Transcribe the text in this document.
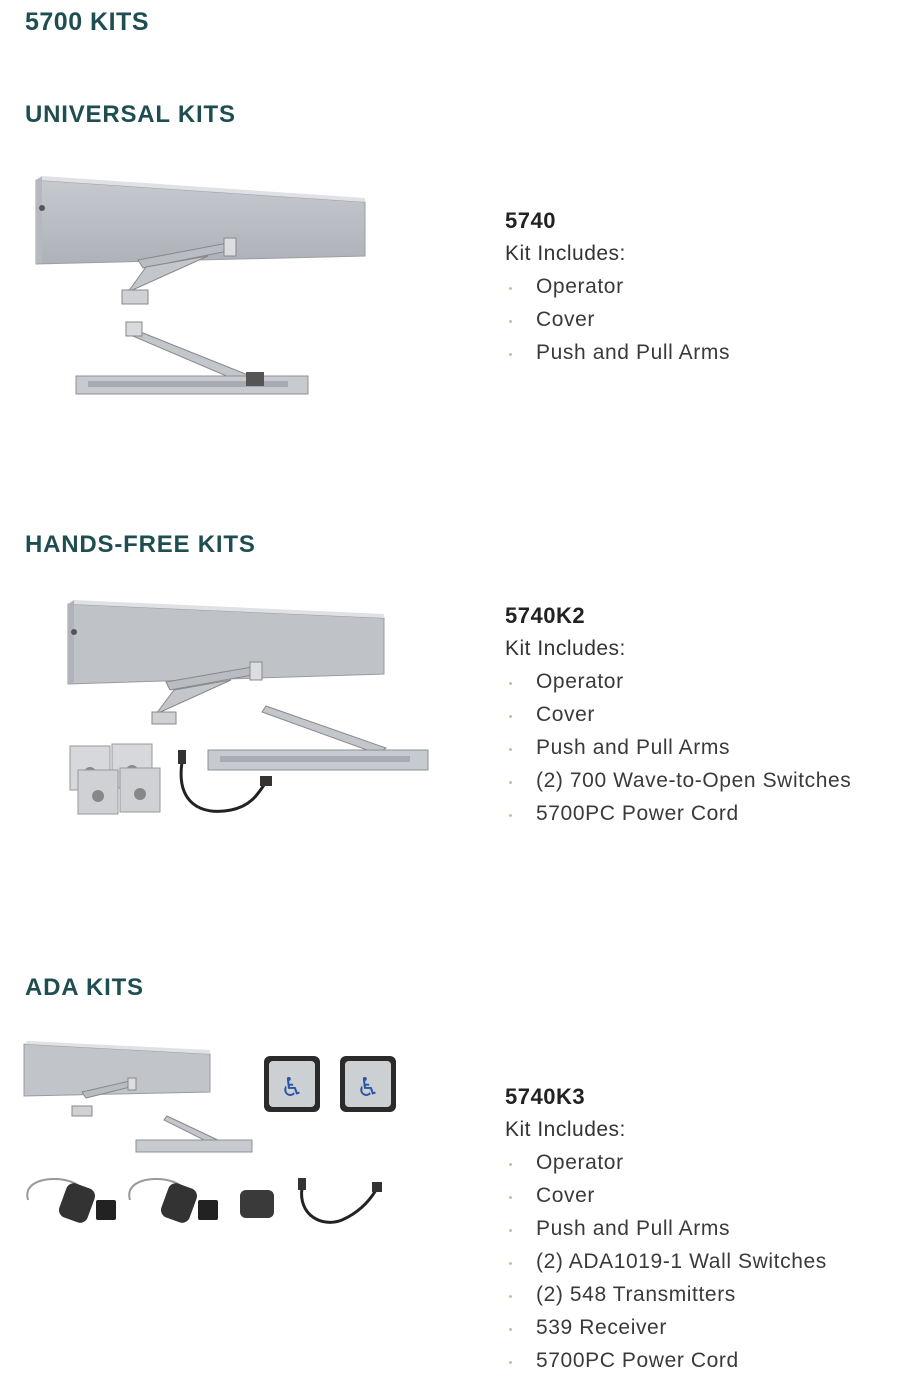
5700 KITS
UNIVERSAL KITS
5740
Kit Includes:
Operator
Cover
Push and Pull Arms
HANDS-FREE KITS
5740K2
Kit Includes:
Operator
Cover
Push and Pull Arms
(2) 700 Wave-to-Open Switches
5700PC Power Cord
ADA KITS
♿ ♿	5740K3
Kit Includes:
Operator
Cover
Push and Pull Arms
(2) ADA1019-1 Wall Switches
(2) 548 Transmitters
539 Receiver
5700PC Power Cord
